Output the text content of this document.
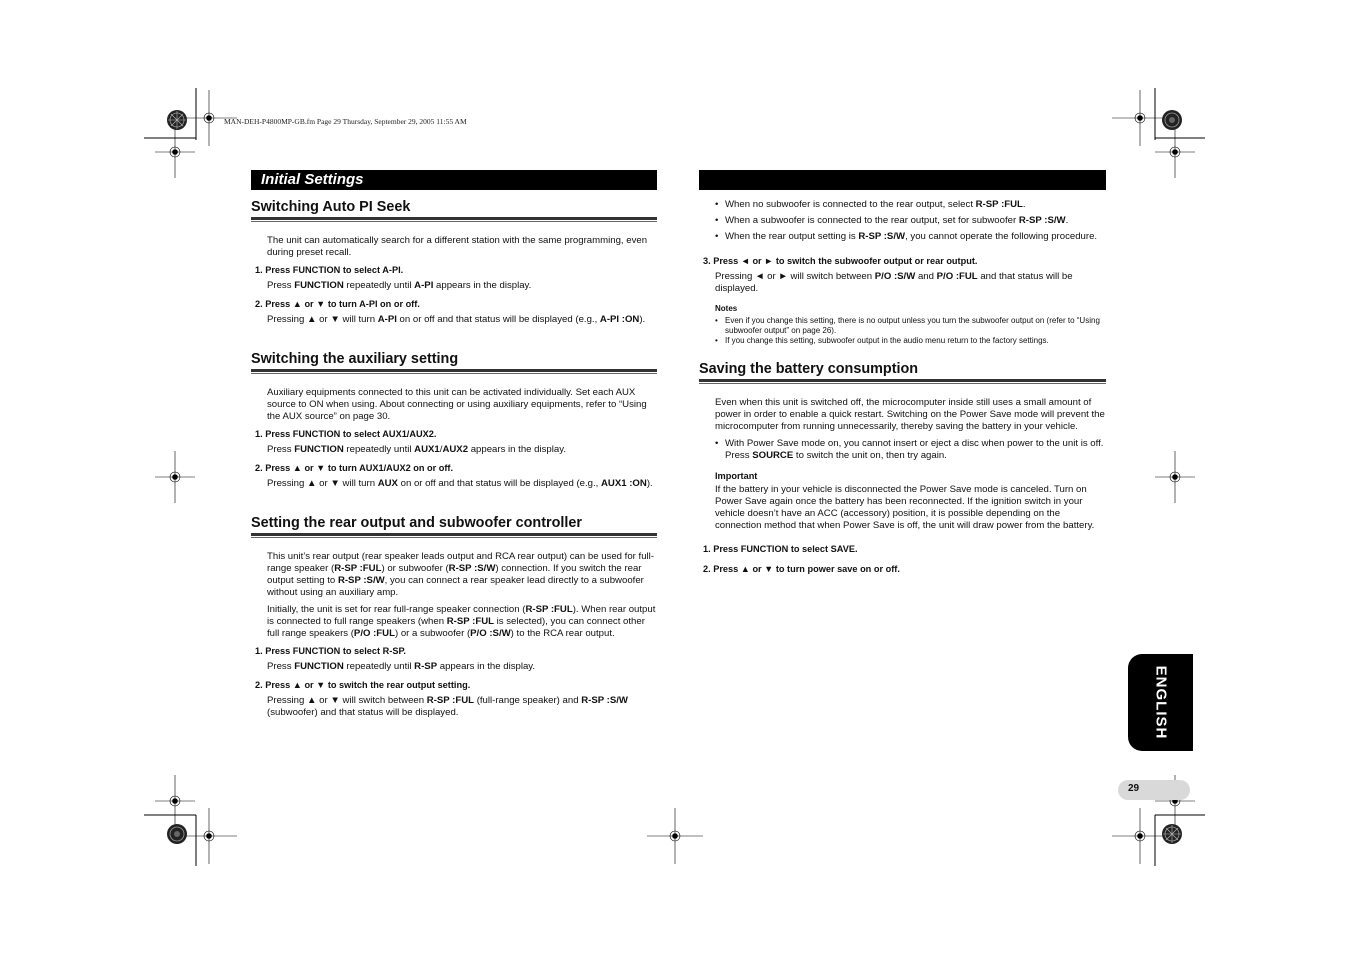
MAN-DEH-P4800MP-GB.fm Page 29 Thursday, September 29, 2005 11:55 AM
Initial Settings
Switching Auto PI Seek

The unit can automatically search for a different station with the same programming, even during preset recall.

1. Press FUNCTION to select A-PI.

Press FUNCTION repeatedly until A-PI appears in the display.

2. Press ▲ or ▼ to turn A-PI on or off.

Pressing ▲ or ▼ will turn A-PI on or off and that status will be displayed (e.g., A-PI :ON).

Switching the auxiliary setting

Auxiliary equipments connected to this unit can be activated individually. Set each AUX source to ON when using. About connecting or using auxiliary equipments, refer to “Using the AUX source” on page 30.

1. Press FUNCTION to select AUX1/AUX2.

Press FUNCTION repeatedly until AUX1/AUX2 appears in the display.

2. Press ▲ or ▼ to turn AUX1/AUX2 on or off.

Pressing ▲ or ▼ will turn AUX on or off and that status will be displayed (e.g., AUX1 :ON).

Setting the rear output and subwoofer controller

This unit’s rear output (rear speaker leads output and RCA rear output) can be used for full-range speaker (R-SP :FUL) or subwoofer (R-SP :S/W) connection. If you switch the rear output setting to R-SP :S/W, you can connect a rear speaker lead directly to a subwoofer without using an auxiliary amp.

Initially, the unit is set for rear full-range speaker connection (R-SP :FUL). When rear output is connected to full range speakers (when R-SP :FUL is selected), you can connect other full range speakers (P/O :FUL) or a subwoofer (P/O :S/W) to the RCA rear output.

1. Press FUNCTION to select R-SP.

Press FUNCTION repeatedly until R-SP appears in the display.

2. Press ▲ or ▼ to switch the rear output setting.

Pressing ▲ or ▼ will switch between R-SP :FUL (full-range speaker) and R-SP :S/W (subwoofer) and that status will be displayed.

• When no subwoofer is connected to the rear output, select R-SP :FUL.
• When a subwoofer is connected to the rear output, set for subwoofer R-SP :S/W.
• When the rear output setting is R-SP :S/W, you cannot operate the following procedure.

3. Press ◄ or ► to switch the subwoofer output or rear output.

Pressing ◄ or ► will switch between P/O :S/W and P/O :FUL and that status will be displayed.

Notes
• Even if you change this setting, there is no output unless you turn the subwoofer output on (refer to “Using subwoofer output” on page 26).
• If you change this setting, subwoofer output in the audio menu return to the factory settings.
Saving the battery consumption

Even when this unit is switched off, the microcomputer inside still uses a small amount of power in order to enable a quick restart. Switching on the Power Save mode will prevent the microcomputer from running unnecessarily, thereby saving the battery in your vehicle.

• With Power Save mode on, you cannot insert or eject a disc when power to the unit is off. Press SOURCE to switch the unit on, then try again.
Important

If the battery in your vehicle is disconnected the Power Save mode is canceled. Turn on Power Save again once the battery has been reconnected. If the ignition switch in your vehicle doesn’t have an ACC (accessory) position, it is possible depending on the connection method that when Power Save is off, the unit will draw power from the battery.

1. Press FUNCTION to select SAVE.

2. Press ▲ or ▼ to turn power save on or off.

ENGLISH
29
